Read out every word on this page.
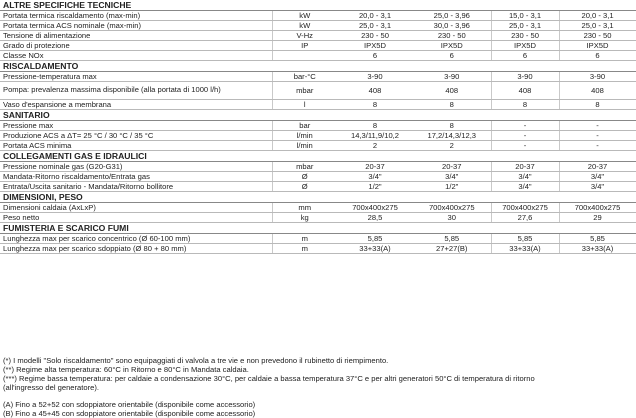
ALTRE SPECIFICHE TECNICHE						
Portata termica riscaldamento (max-min)	kW	20,0 - 3,1	25,0 - 3,96	15,0 - 3,1	20,0 - 3,1	
Portata termica ACS nominale (max-min)	kW	25,0 - 3,1	30,0 - 3,96	25,0 - 3,1	25,0 - 3,1	
Tensione di alimentazione	V-Hz	230 - 50	230 - 50	230 - 50	230 - 50	
Grado di protezione	IP	IPX5D	IPX5D	IPX5D	IPX5D	
Classe NOx		6	6	6	6	
RISCALDAMENTO						
Pressione-temperatura max	bar-°C	3-90	3-90	3-90	3-90	
Pompa: prevalenza massima disponibile (alla portata di 1000 l/h)	mbar	408	408	408	408	
Vaso d'espansione a membrana	l	8	8	8	8	
SANITARIO						
Pressione max	bar	8	8	-	-	
Produzione ACS a ΔT= 25 °C / 30 °C / 35 °C	l/min	14,3/11,9/10,2	17,2/14,3/12,3	-	-	
Portata ACS minima	l/min	2	2	-	-	
COLLEGAMENTI GAS E IDRAULICI						
Pressione nominale gas (G20-G31)	mbar	20-37	20-37	20-37	20-37	
Mandata-Ritorno riscaldamento/Entrata gas	Ø	3/4"	3/4"	3/4"	3/4"	
Entrata/Uscita sanitario - Mandata/Ritorno bollitore	Ø	1/2"	1/2"	3/4"	3/4"	
DIMENSIONI, PESO						
Dimensioni caldaia (AxLxP)	mm	700x400x275	700x400x275	700x400x275	700x400x275	
Peso netto	kg	28,5	30	27,6	29	
FUMISTERIA E SCARICO FUMI						
Lunghezza max per scarico concentrico (Ø 60-100 mm)	m	5,85	5,85	5,85	5,85	
Lunghezza max per scarico sdoppiato (Ø 80 + 80 mm)	m	33+33(A)	27+27(B)	33+33(A)	33+33(A)	
(*) I modelli "Solo riscaldamento" sono equipaggiati di valvola a tre vie e non prevedono il rubinetto di riempimento.
(**) Regime alta temperatura: 60°C in Ritorno e 80°C in Mandata caldaia.
(***) Regime bassa temperatura: per caldaie a condensazione 30°C, per caldaie a bassa temperatura 37°C e per altri generatori 50°C di temperatura di ritorno
(all'ingresso del generatore).
(A) Fino a 52+52 con sdoppiatore orientabile (disponibile come accessorio)
(B) Fino a 45+45 con sdoppiatore orientabile (disponibile come accessorio)
